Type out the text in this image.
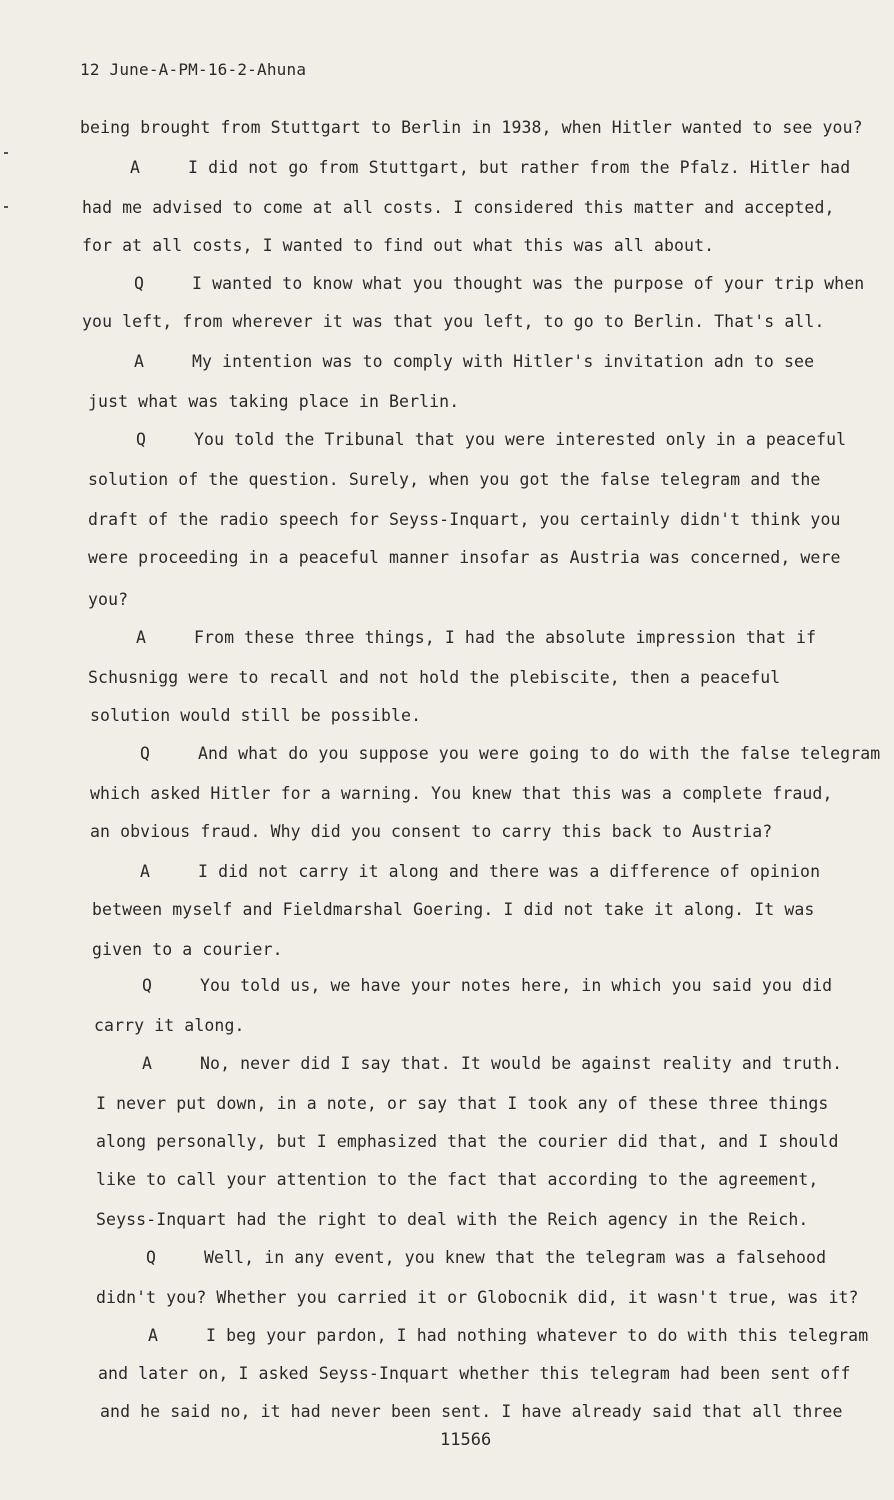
12 June-A-PM-16-2-Ahuna
being brought from Stuttgart to Berlin in 1938, when Hitler wanted to see you?
A	I did not go from Stuttgart, but rather from the Pfalz. Hitler had
had me advised to come at all costs. I considered this matter and accepted,
for at all costs, I wanted to find out what this was all about.
Q	I wanted to know what you thought was the purpose of your trip when
you left, from wherever it was that you left, to go to Berlin. That's all.
A	My intention was to comply with Hitler's invitation adn to see
just what was taking place in Berlin.
Q	You told the Tribunal that you were interested only in a peaceful
solution of the question. Surely, when you got the false telegram and the
draft of the radio speech for Seyss-Inquart, you certainly didn't think you
were proceeding in a peaceful manner insofar as Austria was concerned, were
you?
A	From these three things, I had the absolute impression that if
Schusnigg were to recall and not hold the plebiscite, then a peaceful
solution would still be possible.
Q	And what do you suppose you were going to do with the false telegram
which asked Hitler for a warning. You knew that this was a complete fraud,
an obvious fraud. Why did you consent to carry this back to Austria?
A	I did not carry it along and there was a difference of opinion
between myself and Fieldmarshal Goering. I did not take it along. It was
given to a courier.
Q	You told us, we have your notes here, in which you said you did
carry it along.
A	No, never did I say that. It would be against reality and truth.
I never put down, in a note, or say that I took any of these three things
along personally, but I emphasized that the courier did that, and I should
like to call your attention to the fact that according to the agreement,
Seyss-Inquart had the right to deal with the Reich agency in the Reich.
Q	Well, in any event, you knew that the telegram was a falsehood
didn't you? Whether you carried it or Globocnik did, it wasn't true, was it?
A	I beg your pardon, I had nothing whatever to do with this telegram
and later on, I asked Seyss-Inquart whether this telegram had been sent off
and he said no, it had never been sent. I have already said that all three
11566
